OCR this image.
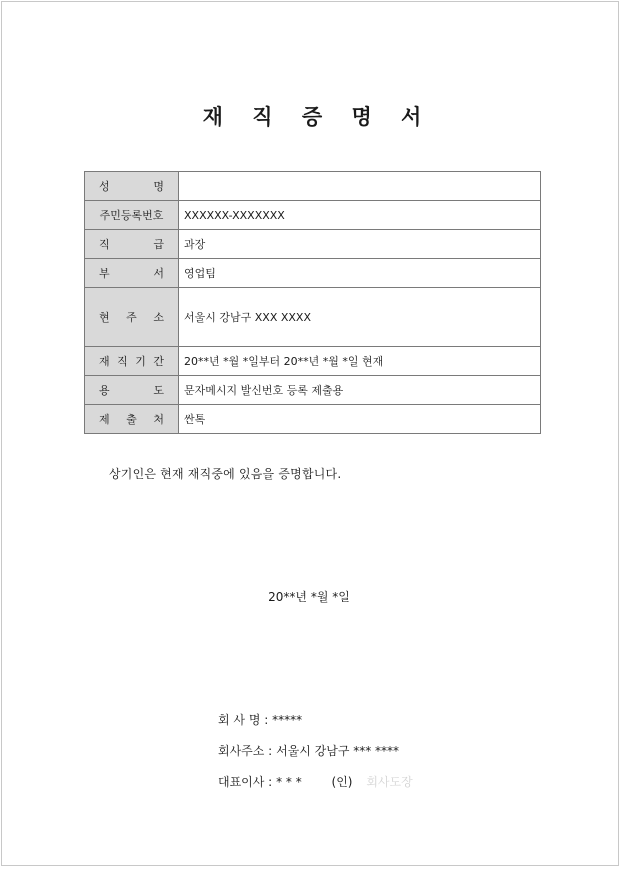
재 직 증 명 서
성 명	
주민등록번호	XXXXXX-XXXXXXX
직 급	과장
부 서	영업팀
현 주 소	서울시 강남구 XXX XXXX
재 직 기 간	20**년 *월 *일부터 20**년 *월 *일 현재
용 도	문자메시지 발신번호 등록 제출용
제 출 처	싼톡
상기인은 현재 재직중에 있음을 증명합니다.
20**년 *월 *일
회 사 명 : *****
회사주소 : 서울시 강남구 *** ****
대표이사 : * * * (인) 회사도장
